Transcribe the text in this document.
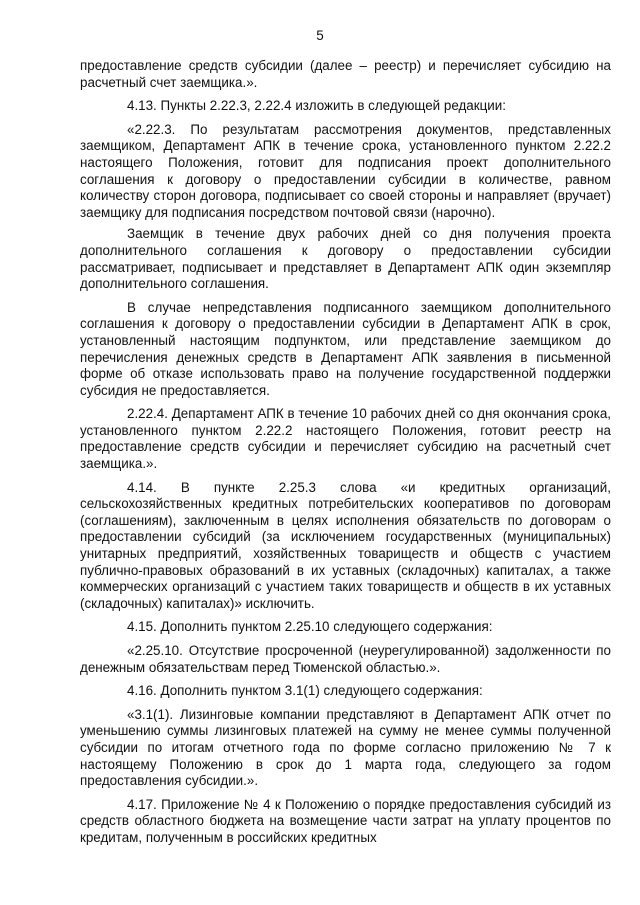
5

предоставление средств субсидии (далее – реестр) и перечисляет субсидию на расчетный счет заемщика.».

4.13. Пункты 2.22.3, 2.22.4 изложить в следующей редакции:

«2.22.3. По результатам рассмотрения документов, представленных заемщиком, Департамент АПК в течение срока, установленного пунктом 2.22.2 настоящего Положения, готовит для подписания проект дополнительного соглашения к договору о предоставлении субсидии в количестве, равном количеству сторон договора, подписывает со своей стороны и направляет (вручает) заемщику для подписания посредством почтовой связи (нарочно).

Заемщик в течение двух рабочих дней со дня получения проекта дополнительного соглашения к договору о предоставлении субсидии рассматривает, подписывает и представляет в Департамент АПК один экземпляр дополнительного соглашения.

В случае непредставления подписанного заемщиком дополнительного соглашения к договору о предоставлении субсидии в Департамент АПК в срок, установленный настоящим подпунктом, или представление заемщиком до перечисления денежных средств в Департамент АПК заявления в письменной форме об отказе использовать право на получение государственной поддержки субсидия не предоставляется.

2.22.4. Департамент АПК в течение 10 рабочих дней со дня окончания срока, установленного пунктом 2.22.2 настоящего Положения, готовит реестр на предоставление средств субсидии и перечисляет субсидию на расчетный счет заемщика.».

4.14. В пункте 2.25.3 слова «и кредитных организаций, сельскохозяйственных кредитных потребительских кооперативов по договорам (соглашениям), заключенным в целях исполнения обязательств по договорам о предоставлении субсидий (за исключением государственных (муниципальных) унитарных предприятий, хозяйственных товариществ и обществ с участием публично-правовых образований в их уставных (складочных) капиталах, а также коммерческих организаций с участием таких товариществ и обществ в их уставных (складочных) капиталах)» исключить.

4.15. Дополнить пунктом 2.25.10 следующего содержания:

«2.25.10. Отсутствие просроченной (неурегулированной) задолженности по денежным обязательствам перед Тюменской областью.».

4.16. Дополнить пунктом 3.1(1) следующего содержания:

«3.1(1). Лизинговые компании представляют в Департамент АПК отчет по уменьшению суммы лизинговых платежей на сумму не менее суммы полученной субсидии по итогам отчетного года по форме согласно приложению № 7 к настоящему Положению в срок до 1 марта года, следующего за годом предоставления субсидии.».

4.17. Приложение № 4 к Положению о порядке предоставления субсидий из средств областного бюджета на возмещение части затрат на уплату процентов по кредитам, полученным в российских кредитных
